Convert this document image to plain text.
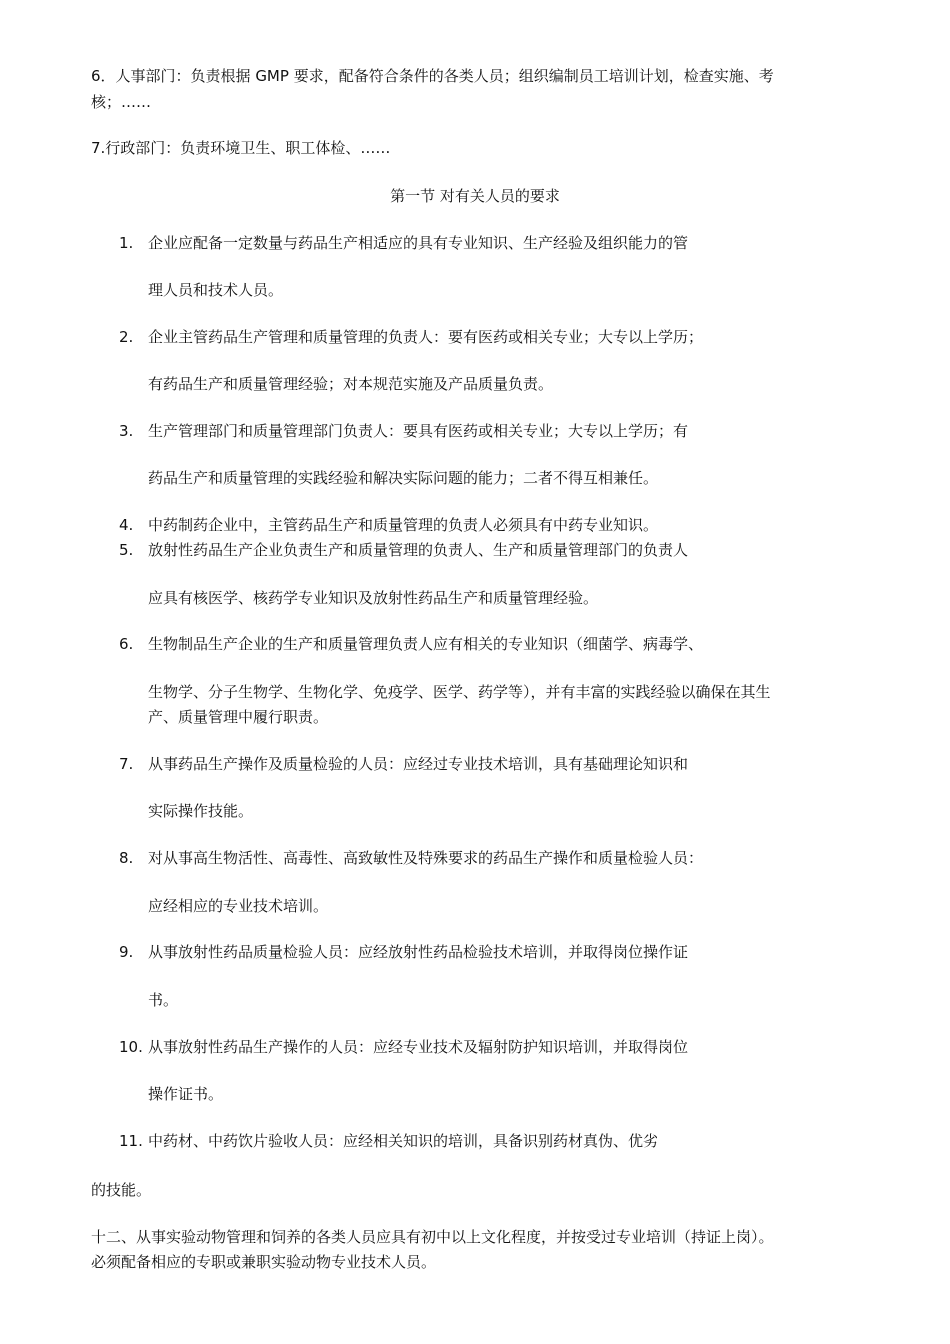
6．人事部门：负责根据 GMP 要求，配备符合条件的各类人员；组织编制员工培训计划，检查实施、考
核；……
7.行政部门：负责环境卫生、职工体检、……
第一节 对有关人员的要求
1. 企业应配备一定数量与药品生产相适应的具有专业知识、生产经验及组织能力的管
理人员和技术人员。
2. 企业主管药品生产管理和质量管理的负责人：要有医药或相关专业；大专以上学历；
有药品生产和质量管理经验；对本规范实施及产品质量负责。
3. 生产管理部门和质量管理部门负责人：要具有医药或相关专业；大专以上学历；有
药品生产和质量管理的实践经验和解决实际问题的能力；二者不得互相兼任。
4. 中药制药企业中，主管药品生产和质量管理的负责人必须具有中药专业知识。
5. 放射性药品生产企业负责生产和质量管理的负责人、生产和质量管理部门的负责人
应具有核医学、核药学专业知识及放射性药品生产和质量管理经验。
6. 生物制品生产企业的生产和质量管理负责人应有相关的专业知识（细菌学、病毒学、
生物学、分子生物学、生物化学、免疫学、医学、药学等），并有丰富的实践经验以确保在其生
产、质量管理中履行职责。
7. 从事药品生产操作及质量检验的人员：应经过专业技术培训，具有基础理论知识和
实际操作技能。
8. 对从事高生物活性、高毒性、高致敏性及特殊要求的药品生产操作和质量检验人员：
应经相应的专业技术培训。
9. 从事放射性药品质量检验人员：应经放射性药品检验技术培训，并取得岗位操作证
书。
10. 从事放射性药品生产操作的人员：应经专业技术及辐射防护知识培训，并取得岗位
操作证书。
11. 中药材、中药饮片验收人员：应经相关知识的培训，具备识别药材真伪、优劣
的技能。
十二、从事实验动物管理和饲养的各类人员应具有初中以上文化程度，并按受过专业培训（持证上岗）。
必须配备相应的专职或兼职实验动物专业技术人员。
